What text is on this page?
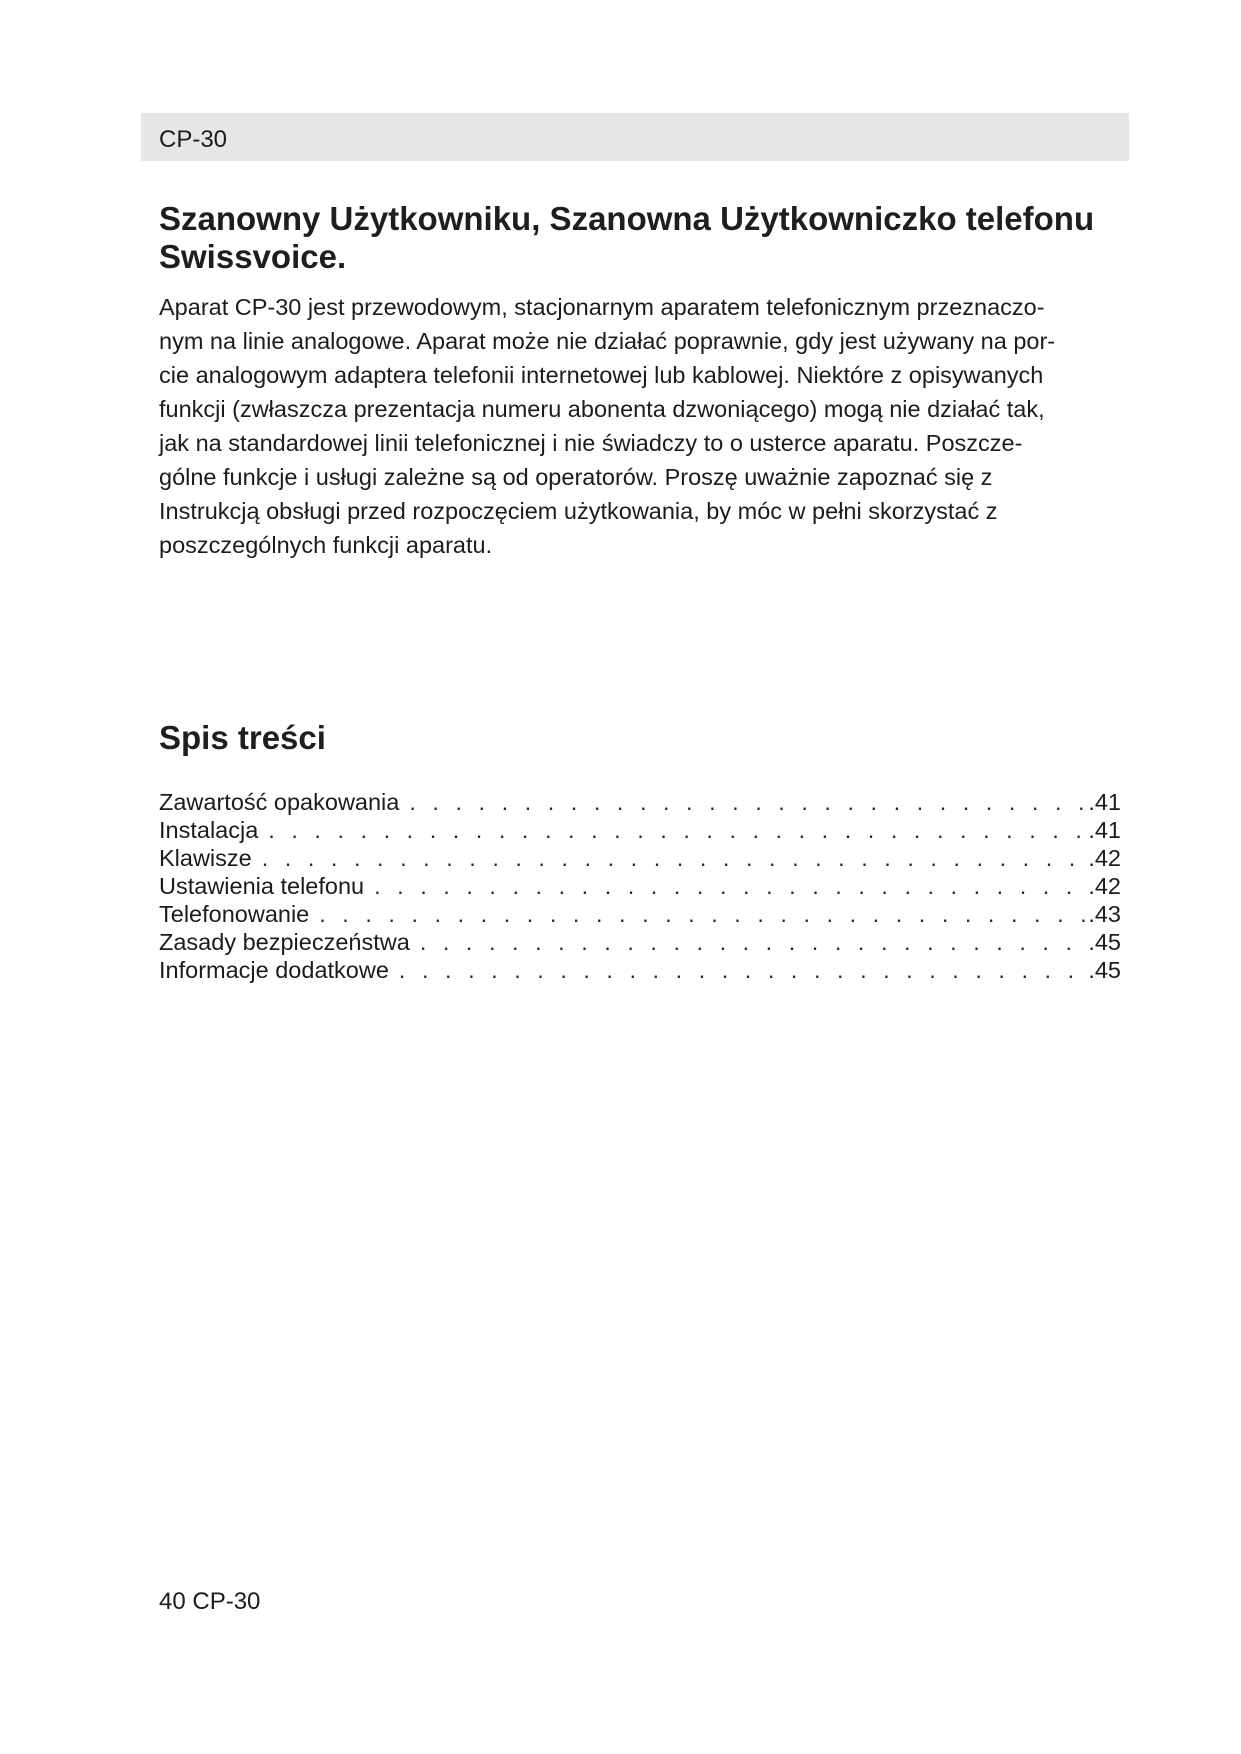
CP-30
Szanowny Użytkowniku, Szanowna Użytkowniczko telefonu Swissvoice.
Aparat CP-30 jest przewodowym, stacjonarnym aparatem telefonicznym przeznaczo-
nym na linie analogowe. Aparat może nie działać poprawnie, gdy jest używany na por-
cie analogowym adaptera telefonii internetowej lub kablowej. Niektóre z opisywanych
funkcji (zwłaszcza prezentacja numeru abonenta dzwoniącego) mogą nie działać tak,
jak na standardowej linii telefonicznej i nie świadczy to o usterce aparatu. Poszcze-
gólne funkcje i usługi zależne są od operatorów. Proszę uważnie zapoznać się z
Instrukcją obsługi przed rozpoczęciem użytkowania, by móc w pełni skorzystać z
poszczególnych funkcji aparatu.
Spis treści
Zawartość opakowania . . .	.41
Instalacja . . .	.41
Klawisze . . .	.42
Ustawienia telefonu . . .	.42
Telefonowanie . . .	.43
Zasady bezpieczeństwa . . .	.45
Informacje dodatkowe . . .	.45
40 CP-30
